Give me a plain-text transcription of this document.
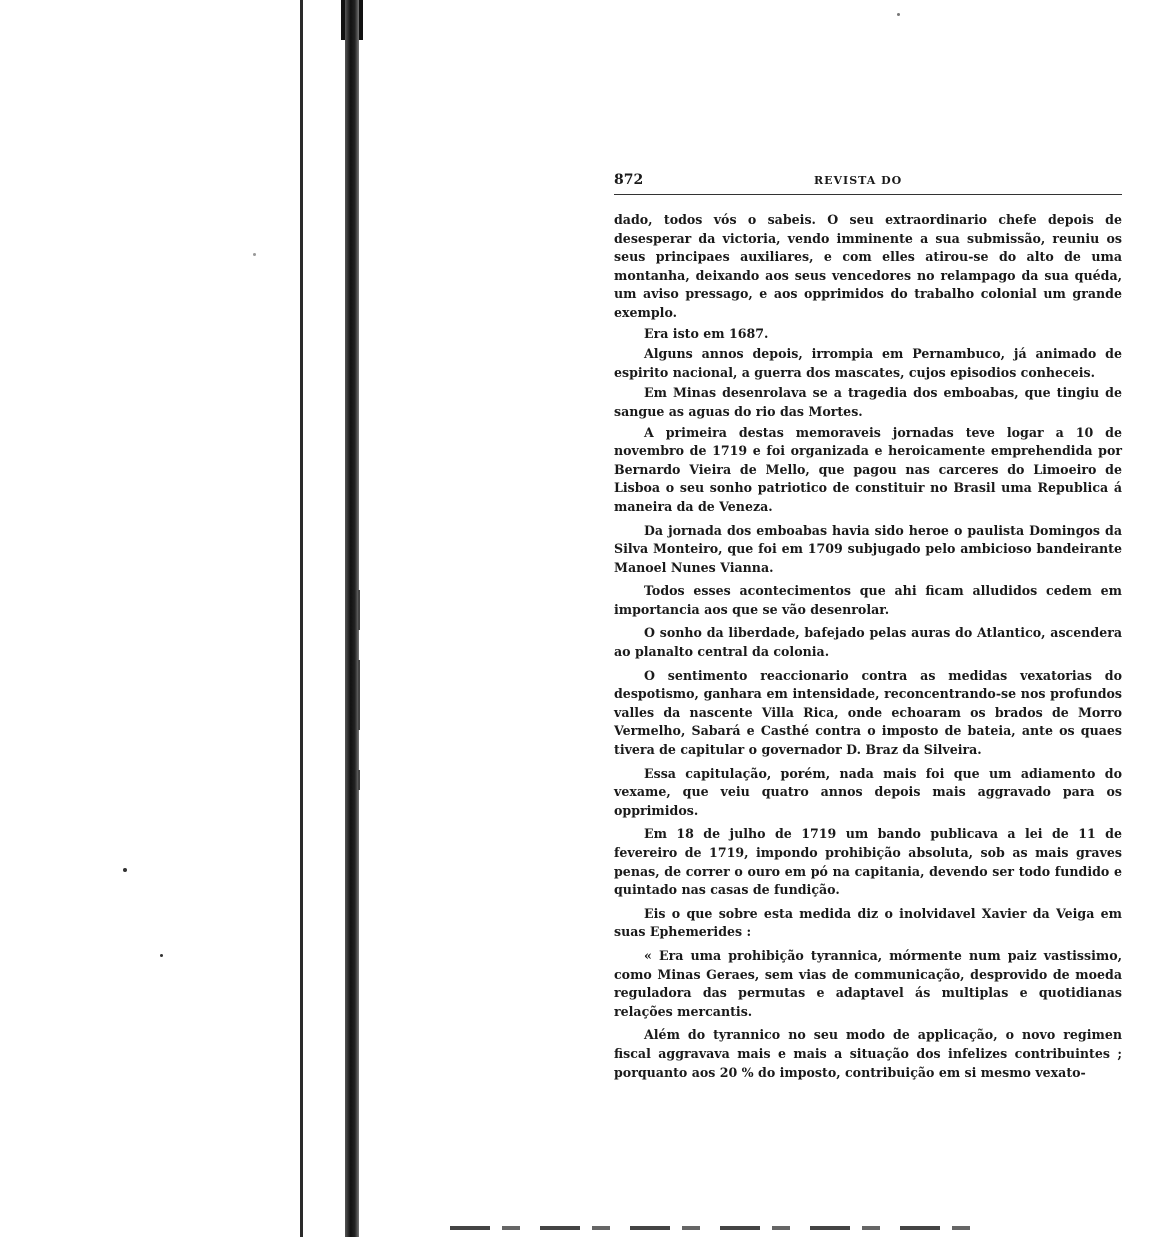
872	REVISTA DO

dado, todos vós o sabeis. O seu extraordinario chefe depois de desesperar da victoria, vendo imminente a sua submissão, reuniu os seus principaes auxiliares, e com elles atirou-se do alto de uma montanha, deixando aos seus vencedores no relampago da sua quéda, um aviso pressago, e aos opprimidos do trabalho colonial um grande exemplo.

Era isto em 1687.

Alguns annos depois, irrompia em Pernambuco, já animado de espirito nacional, a guerra dos mascates, cujos episodios conheceis.

Em Minas desenrolava se a tragedia dos emboabas, que tingiu de sangue as aguas do rio das Mortes.

A primeira destas memoraveis jornadas teve logar a 10 de novembro de 1719 e foi organizada e heroicamente emprehendida por Bernardo Vieira de Mello, que pagou nas carceres do Limoeiro de Lisboa o seu sonho patriotico de constituir no Brasil uma Republica á maneira da de Veneza.

Da jornada dos emboabas havia sido heroe o paulista Domingos da Silva Monteiro, que foi em 1709 subjugado pelo ambicioso bandeirante Manoel Nunes Vianna.

Todos esses acontecimentos que ahi ficam alludidos cedem em importancia aos que se vão desenrolar.

O sonho da liberdade, bafejado pelas auras do Atlantico, ascendera ao planalto central da colonia.

O sentimento reaccionario contra as medidas vexatorias do despotismo, ganhara em intensidade, reconcentrando-se nos profundos valles da nascente Villa Rica, onde echoaram os brados de Morro Vermelho, Sabará e Casthé contra o imposto de bateia, ante os quaes tivera de capitular o governador D. Braz da Silveira.

Essa capitulação, porém, nada mais foi que um adiamento do vexame, que veiu quatro annos depois mais aggravado para os opprimidos.

Em 18 de julho de 1719 um bando publicava a lei de 11 de fevereiro de 1719, impondo prohibição absoluta, sob as mais graves penas, de correr o ouro em pó na capitania, devendo ser todo fundido e quintado nas casas de fundição.

Eis o que sobre esta medida diz o inolvidavel Xavier da Veiga em suas Ephemerides :

« Era uma prohibição tyrannica, mórmente num paiz vastissimo, como Minas Geraes, sem vias de communicação, desprovido de moeda reguladora das permutas e adaptavel ás multiplas e quotidianas relações mercantis.

Além do tyrannico no seu modo de applicação, o novo regimen fiscal aggravava mais e mais a situação dos infelizes contribuintes ; porquanto aos 20 % do imposto, contribuição em si mesmo vexato-
